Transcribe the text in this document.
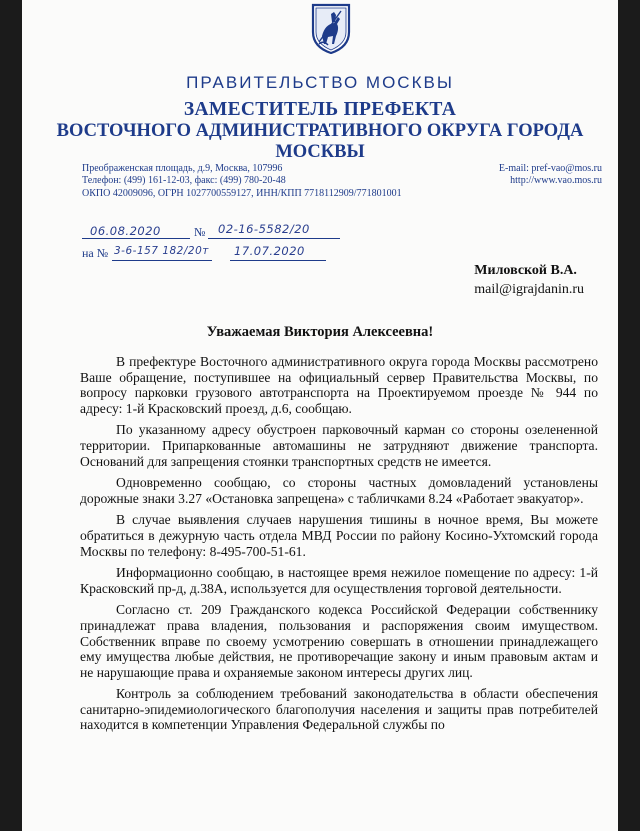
ПРАВИТЕЛЬСТВО МОСКВЫ
ЗАМЕСТИТЕЛЬ ПРЕФЕКТА
ВОСТОЧНОГО АДМИНИСТРАТИВНОГО ОКРУГА ГОРОДА МОСКВЫ
Преображенская площадь, д.9, Москва, 107996
Телефон: (499) 161-12-03, факс: (499) 780-20-48
ОКПО 42009096, ОГРН 1027700559127, ИНН/КПП 7718112909/771801001
E-mail: pref-vao@mos.ru
http://www.vao.mos.ru
06.08.2020	№ 02-16-5582/20
на № 3-6-157 182/20т 17.07.2020
Миловской В.А.
mail@igrajdanin.ru
Уважаемая Виктория Алексеевна!

В префектуре Восточного административного округа города Москвы рассмотрено Ваше обращение, поступившее на официальный сервер Правительства Москвы, по вопросу парковки грузового автотранспорта на Проектируемом проезде № 944 по адресу: 1-й Красковский проезд, д.6, сообщаю.

По указанному адресу обустроен парковочный карман со стороны озелененной территории. Припаркованные автомашины не затрудняют движение транспорта. Оснований для запрещения стоянки транспортных средств не имеется.

Одновременно сообщаю, со стороны частных домовладений установлены дорожные знаки 3.27 «Остановка запрещена» с табличками 8.24 «Работает эвакуатор».

В случае выявления случаев нарушения тишины в ночное время, Вы можете обратиться в дежурную часть отдела МВД России по району Косино-Ухтомский города Москвы по телефону: 8-495-700-51-61.

Информационно сообщаю, в настоящее время нежилое помещение по адресу: 1-й Красковский пр-д, д.38А, используется для осуществления торговой деятельности.

Согласно ст. 209 Гражданского кодекса Российской Федерации собственнику принадлежат права владения, пользования и распоряжения своим имуществом. Собственник вправе по своему усмотрению совершать в отношении принадлежащего ему имущества любые действия, не противоречащие закону и иным правовым актам и не нарушающие права и охраняемые законом интересы других лиц.

Контроль за соблюдением требований законодательства в области обеспечения санитарно-эпидемиологического благополучия населения и защиты прав потребителей находится в компетенции Управления Федеральной службы по
